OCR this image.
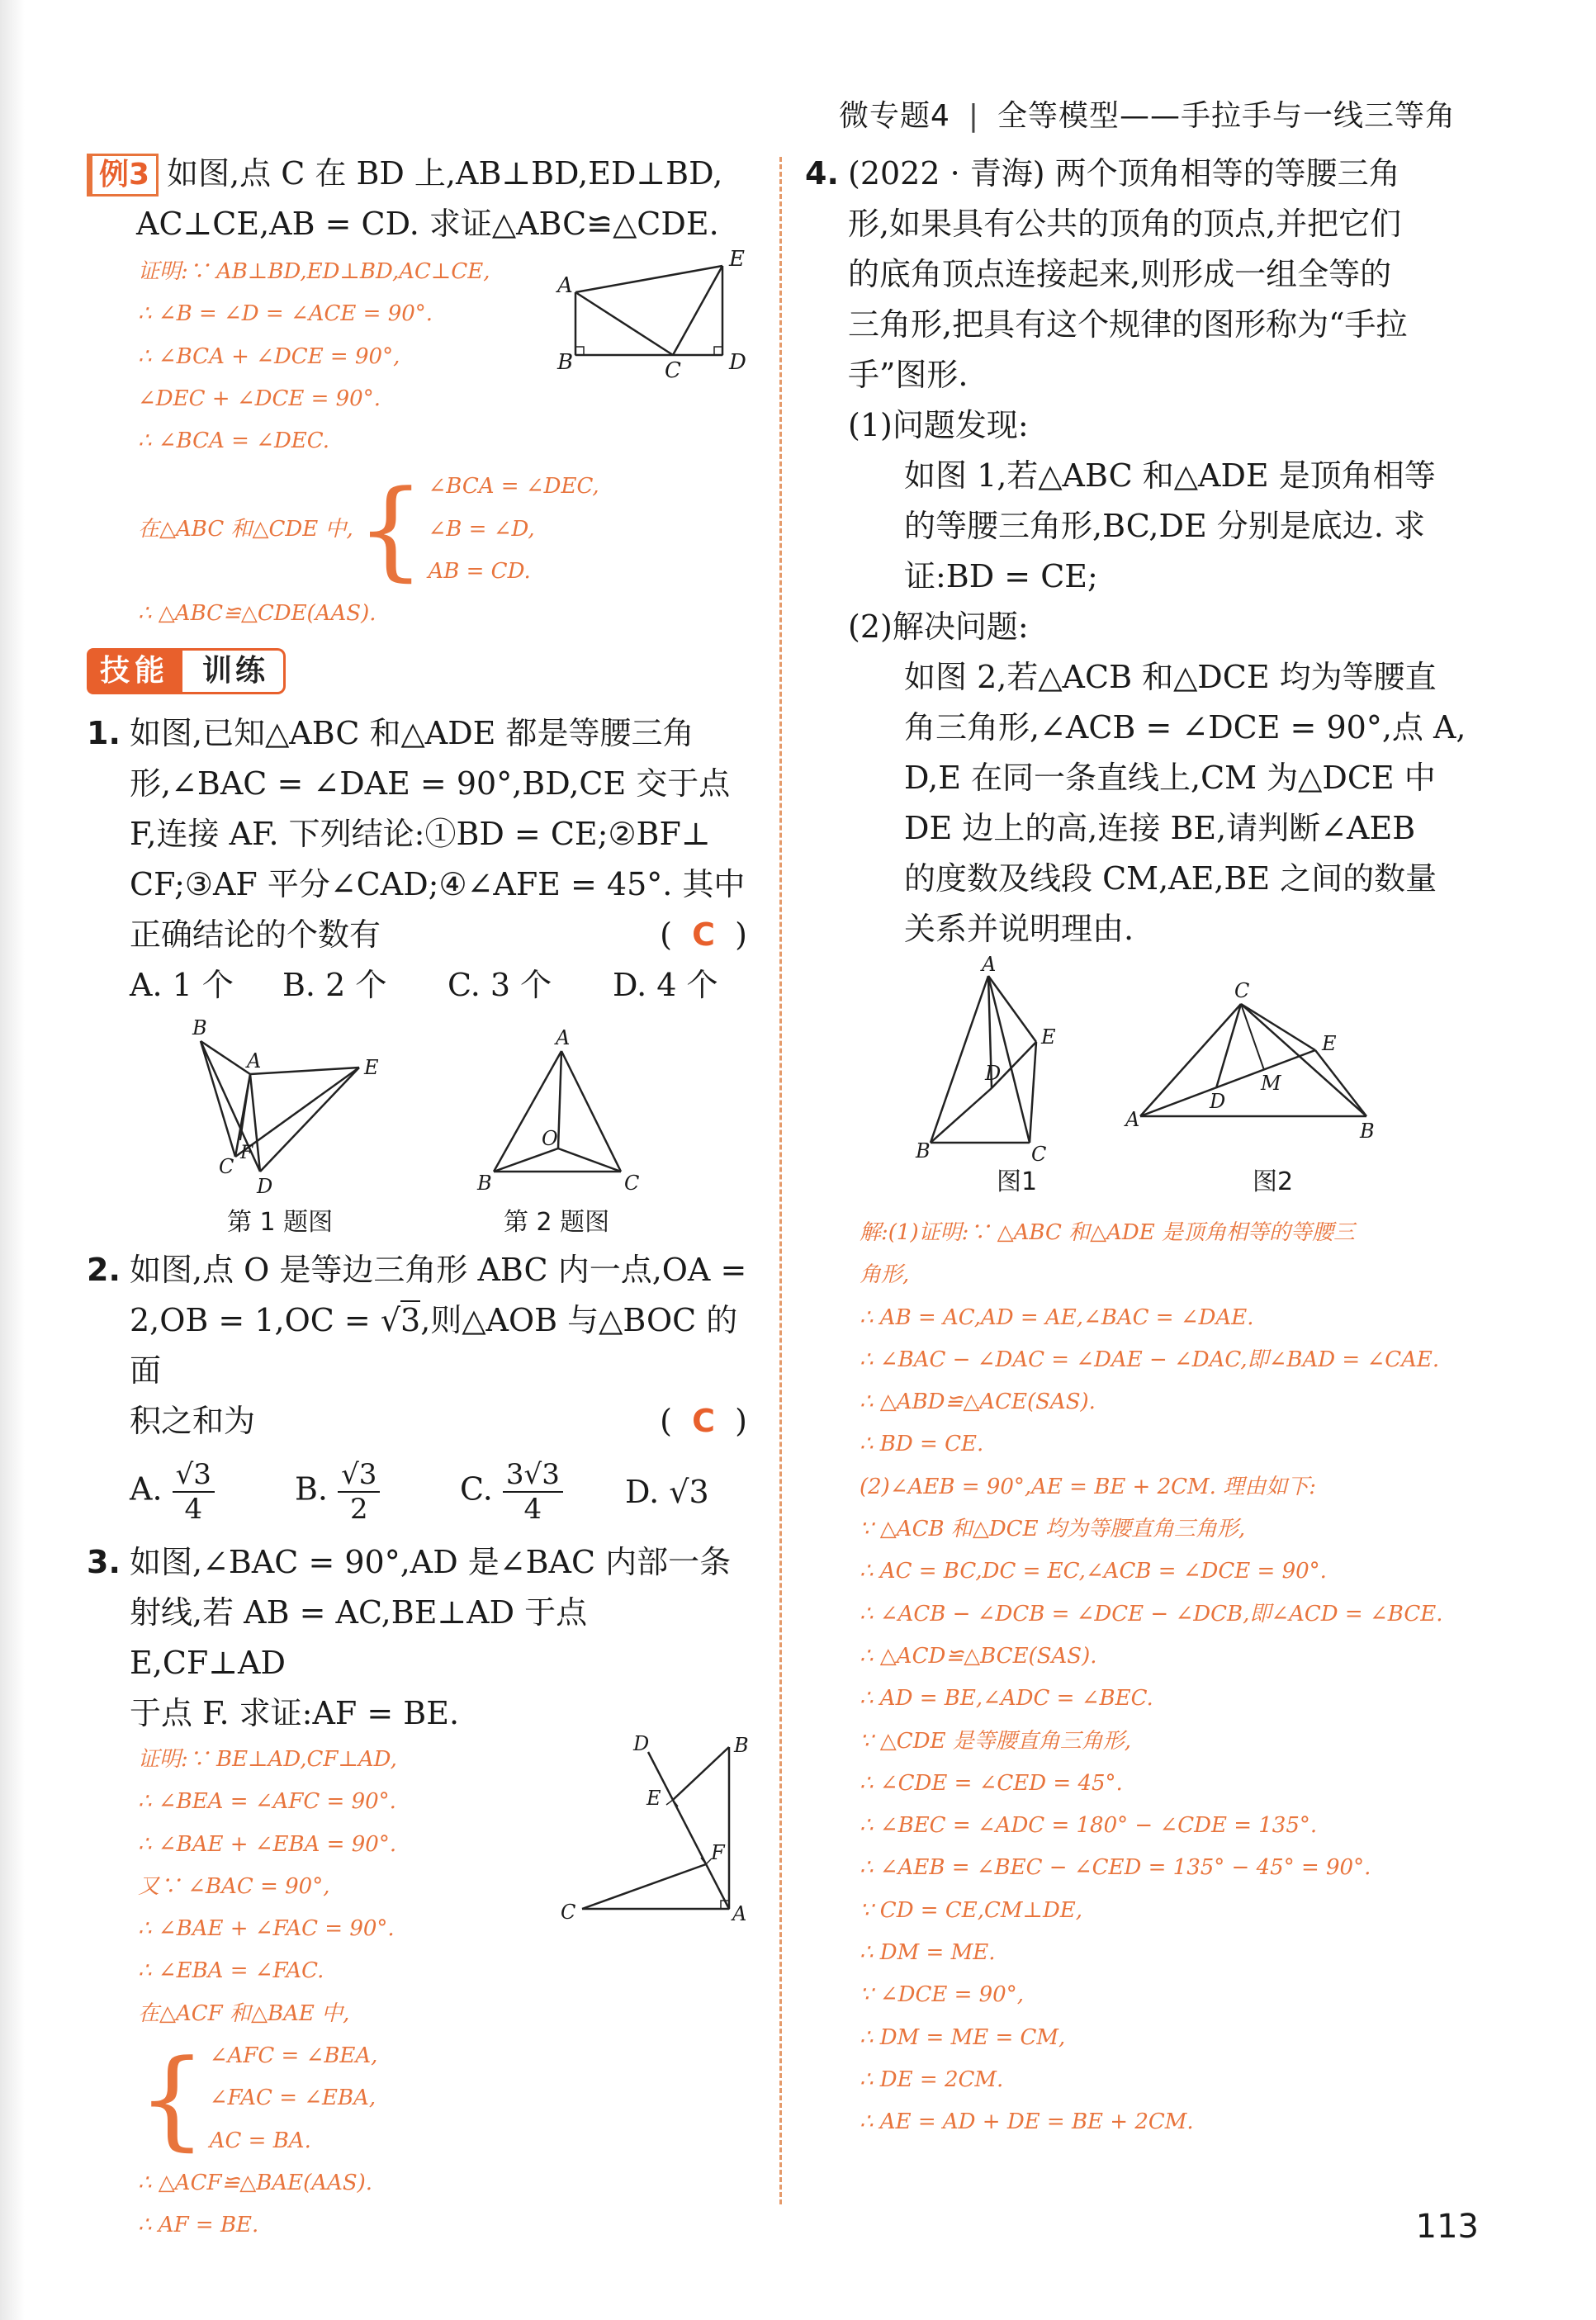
微专题4 | 全等模型——手拉手与一线三等角
例3 如图,点 C 在 BD 上,AB⊥BD,ED⊥BD,
AC⊥CE,AB = CD. 求证△ABC≌△CDE.
证明:∵ AB⊥BD,ED⊥BD,AC⊥CE,
∴ ∠B = ∠D = ∠ACE = 90°.
∴ ∠BCA + ∠DCE = 90°,
∠DEC + ∠DCE = 90°.
∴ ∠BCA = ∠DEC.
在△ABC 和△CDE 中, { ∠BCA = ∠DEC,
∠B = ∠D,
AB = CD.
∴ △ABC≌△CDE(AAS).
A
B	C D
E
技能	训练
1. 如图,已知△ABC 和△ADE 都是等腰三角
形,∠BAC = ∠DAE = 90°,BD,CE 交于点
F,连接 AF. 下列结论:①BD = CE;②BF⊥
CF;③AF 平分∠CAD;④∠AFE = 45°. 其中
正确结论的个数有	( C )
A. 1 个	B. 2 个	C. 3 个	D. 4 个
B
A	E
C
F
D
A
O
B	C
第 1 题图	第 2 题图
2. 如图,点 O 是等边三角形 ABC 内一点,OA =
2,OB = 1,OC = √3,则△AOB 与△BOC 的面
积之和为	(  C  )
A. $\frac{√3}{4}$	B. $\frac{√3}{2}$	C. $\frac{3√3}{4} D$. √3
3. 如图,∠BAC = 90°,AD 是∠BAC 内部一条
射线,若 AB = AC,BE⊥AD 于点 E,CF⊥AD
于点 F. 求证:AF = BE.
证明:∵ BE⊥AD,CF⊥AD,
∴ ∠BEA = ∠AFC = 90°.
∴ ∠BAE + ∠EBA = 90°.
又∵ ∠BAC = 90°,
∴ ∠BAE + ∠FAC = 90°.
∴ ∠EBA = ∠FAC.
在△ACF 和△BAE 中,
{ ∠AFC = ∠BEA,
∠FAC = ∠EBA,
AC = BA.
∴ △ACF≌△BAE(AAS).
∴ AF = BE.
D	B
E
F
C	A
4. (2022 · 青海) 两个顶角相等的等腰三角
形,如果具有公共的顶角的顶点,并把它们
的底角顶点连接起来,则形成一组全等的
三角形,把具有这个规律的图形称为“手拉
手”图形.
(1)问题发现:
如图 1,若△ABC 和△ADE 是顶角相等
的等腰三角形,BC,DE 分别是底边. 求
证:BD = CE;
(2)解决问题:
如图 2,若△ACB 和△DCE 均为等腰直
角三角形,∠ACB = ∠DCE = 90°,点 A,
D,E 在同一条直线上,CM 为△DCE 中
DE 边上的高,连接 BE,请判断∠AEB
的度数及线段 CM,AE,BE 之间的数量
关系并说明理由.
A
E
D
B	C
C
E
M
D
A	B
图1	图2
解:(1)证明:∵ △ABC 和△ADE 是顶角相等的等腰三
角形,
∴ AB = AC,AD = AE,∠BAC = ∠DAE.
∴ ∠BAC − ∠DAC = ∠DAE − ∠DAC,即∠BAD = ∠CAE.
∴ △ABD≌△ACE(SAS).
∴ BD = CE.
(2)∠AEB = 90°,AE = BE + 2CM. 理由如下:
∵ △ACB 和△DCE 均为等腰直角三角形,
∴ AC = BC,DC = EC,∠ACB = ∠DCE = 90°.
∴ ∠ACB − ∠DCB = ∠DCE − ∠DCB,即∠ACD = ∠BCE.
∴ △ACD≌△BCE(SAS).
∴ AD = BE,∠ADC = ∠BEC.
∵ △CDE 是等腰直角三角形,
∴ ∠CDE = ∠CED = 45°.
∴ ∠BEC = ∠ADC = 180° − ∠CDE = 135°.
∴ ∠AEB = ∠BEC − ∠CED = 135° − 45° = 90°.
∵ CD = CE,CM⊥DE,
∴ DM = ME.
∵ ∠DCE = 90°,
∴ DM = ME = CM,
∴ DE = 2CM.
∴ AE = AD + DE = BE + 2CM.
113
